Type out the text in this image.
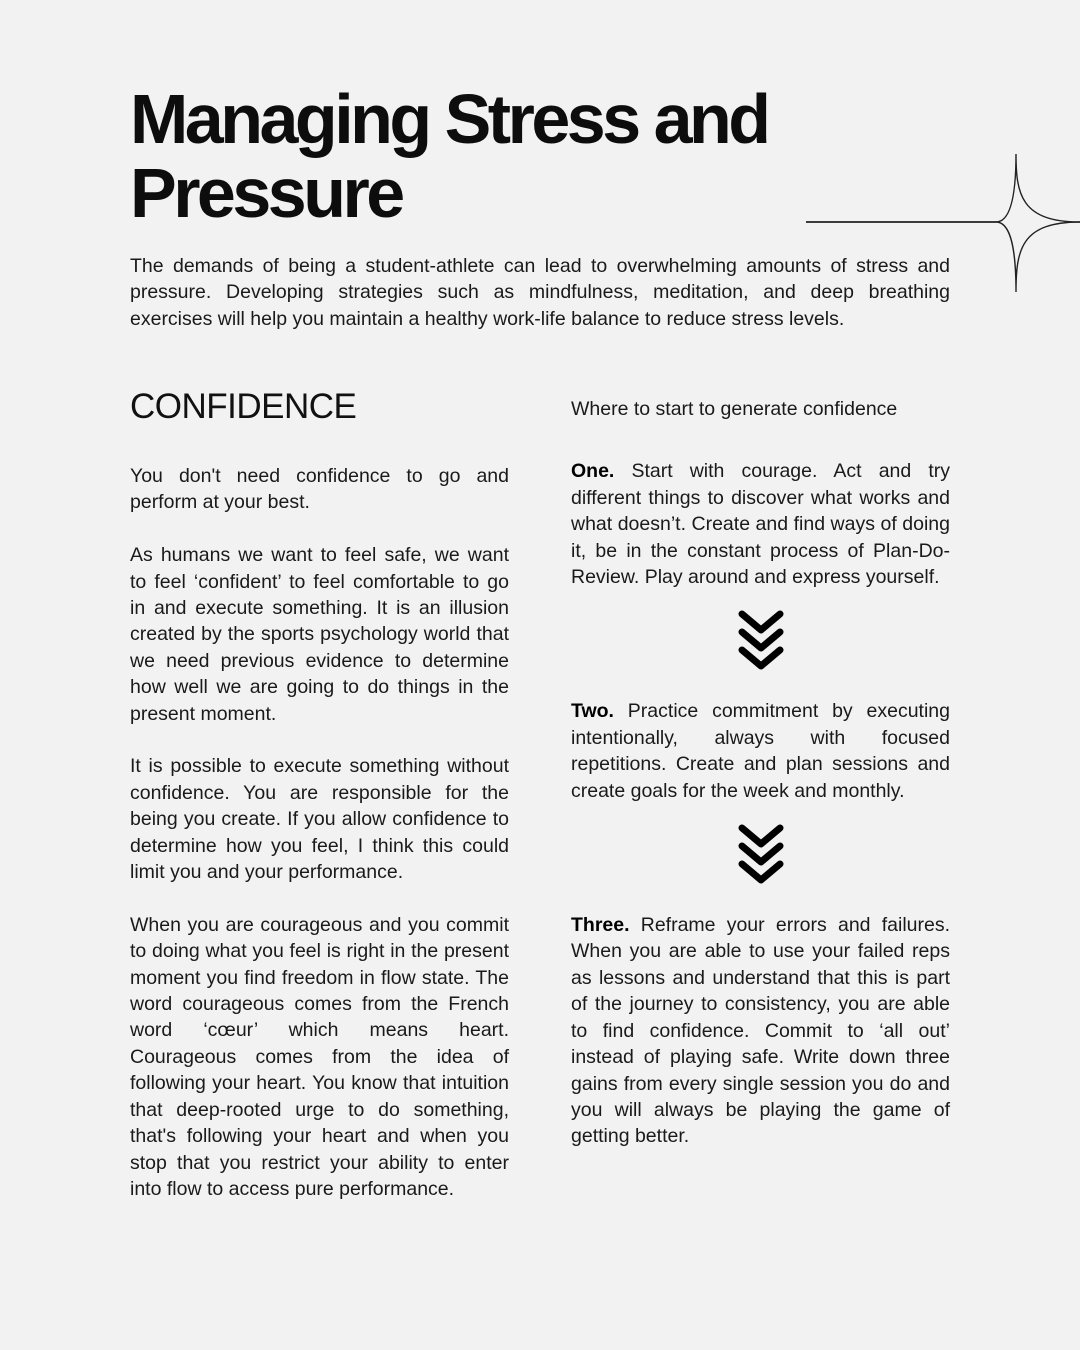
Managing Stress and Pressure

The demands of being a student-athlete can lead to overwhelming amounts of stress and pressure. Developing strategies such as mindfulness, meditation, and deep breathing exercises will help you maintain a healthy work-life balance to reduce stress levels.

CONFIDENCE

You don't need confidence to go and perform at your best.

As humans we want to feel safe, we want to feel ‘confident’ to feel comfortable to go in and execute something. It is an illusion created by the sports psychology world that we need previous evidence to determine how well we are going to do things in the present moment.

It is possible to execute something without confidence. You are responsible for the being you create. If you allow confidence to determine how you feel, I think this could limit you and your performance.

When you are courageous and you commit to doing what you feel is right in the present moment you find freedom in flow state. The word courageous comes from the French word ‘cœur’ which means heart. Courageous comes from the idea of following your heart. You know that intuition that deep-rooted urge to do something, that's following your heart and when you stop that you restrict your ability to enter into flow to access pure performance.

Where to start to generate confidence

One. Start with courage. Act and try different things to discover what works and what doesn’t. Create and find ways of doing it, be in the constant process of Plan-Do-Review. Play around and express yourself.

Two. Practice commitment by executing intentionally, always with focused repetitions. Create and plan sessions and create goals for the week and monthly.

Three. Reframe your errors and failures. When you are able to use your failed reps as lessons and understand that this is part of the journey to consistency, you are able to find confidence. Commit to ‘all out’ instead of playing safe. Write down three gains from every single session you do and you will always be playing the game of getting better.
